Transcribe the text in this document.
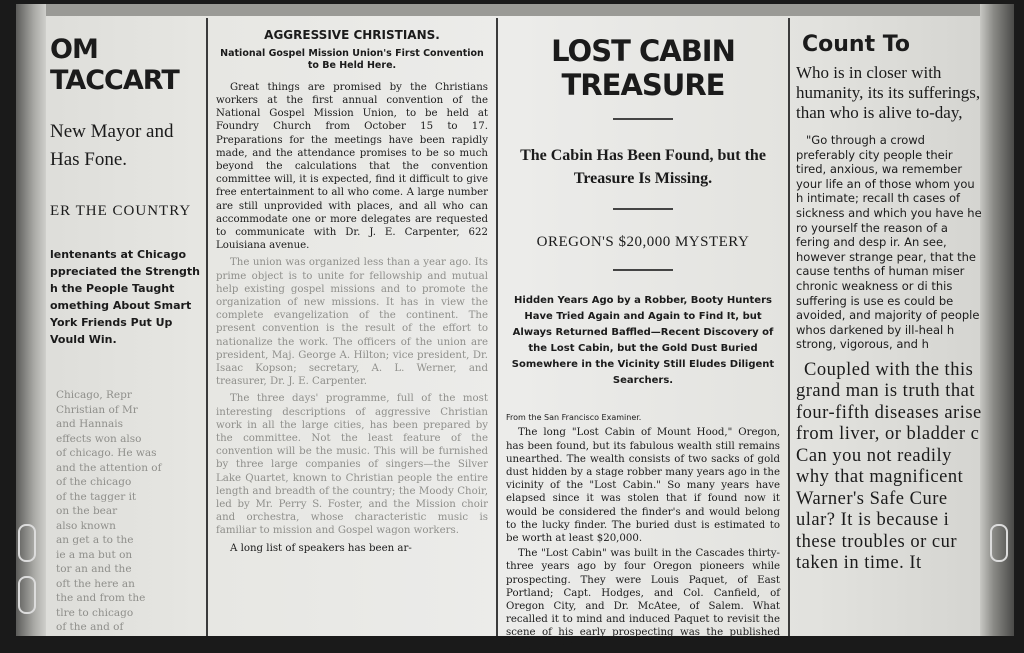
OM TACCART
New Mayor and
Has Fone.
ER THE COUNTRY
lentenants at Chicago
ppreciated the Strength
h the People Taught
omething About Smart
York Friends Put Up
Vould Win.
Chicago, Repr
Christian of Mr
and Hannais
effects won also
of chicago. He was
and the attention of
of the chicago
of the tagger it
on the bear
also known
an get a to the
ie a ma but on
tor an and the
oft the here an
the and from the
tlre to chicago
of the and of
AGGRESSIVE CHRISTIANS.
National Gospel Mission Union's First Convention to Be Held Here.
Great things are promised by the Christians workers at the first annual convention of the National Gospel Mission Union, to be held at Foundry Church from October 15 to 17. Preparations for the meetings have been rapidly made, and the attendance promises to be so much beyond the calculations that the convention committee will, it is expected, find it difficult to give free entertainment to all who come. A large number are still unprovided with places, and all who can accommodate one or more delegates are requested to communicate with Dr. J. E. Carpenter, 622 Louisiana avenue.
The union was organized less than a year ago. Its prime object is to unite for fellowship and mutual help existing gospel missions and to promote the organization of new missions. It has in view the complete evangelization of the continent. The present convention is the result of the effort to nationalize the work. The officers of the union are president, Maj. George A. Hilton; vice president, Dr. Isaac Kopson; secretary, A. L. Werner, and treasurer, Dr. J. E. Carpenter.
The three days' programme, full of the most interesting descriptions of aggressive Christian work in all the large cities, has been prepared by the committee. Not the least feature of the convention will be the music. This will be furnished by three large companies of singers—the Silver Lake Quartet, known to Christian people the entire length and breadth of the country; the Moody Choir, led by Mr. Perry S. Foster, and the Mission choir and orchestra, whose characteristic music is familiar to mission and Gospel wagon workers.
A long list of speakers has been ar-
LOST CABIN TREASURE
The Cabin Has Been Found, but the Treasure Is Missing.
OREGON'S $20,000 MYSTERY
Hidden Years Ago by a Robber, Booty Hunters Have Tried Again and Again to Find It, but Always Returned Baffled—Recent Discovery of the Lost Cabin, but the Gold Dust Buried Somewhere in the Vicinity Still Eludes Diligent Searchers.
From the San Francisco Examiner.
The long "Lost Cabin of Mount Hood," Oregon, has been found, but its fabulous wealth still remains unearthed. The wealth consists of two sacks of gold dust hidden by a stage robber many years ago in the vicinity of the "Lost Cabin." So many years have elapsed since it was stolen that if found now it would be considered the finder's and would belong to the lucky finder. The buried dust is estimated to be worth at least $20,000.
The "Lost Cabin" was built in the Cascades thirty-three years ago by four Oregon pioneers while prospecting. They were Louis Paquet, of East Portland; Capt. Hodges, and Col. Canfield, of Oregon City, and Dr. McAtee, of Salem. What recalled it to mind and induced Paquet to revisit the scene of his early prospecting was the published statement of
Count To
Who is in closer with humanity, its its sufferings, than who is alive to-day,
"Go through a crowd preferably city people their tired, anxious, wa remember your life an of those whom you h intimate; recall th cases of sickness and which you have he ro yourself the reason of a fering and desp ir. An see, however strange pear, that the cause tenths of human miser chronic weakness or di this suffering is use es could be avoided, and majority of people whos darkened by ill-heal h strong, vigorous, and h
Coupled with the this grand man is truth that four-fifth diseases arise from liver, or bladder c Can you not readily why that magnificent Warner's Safe Cure ular? It is because i these troubles or cur taken in time. It
